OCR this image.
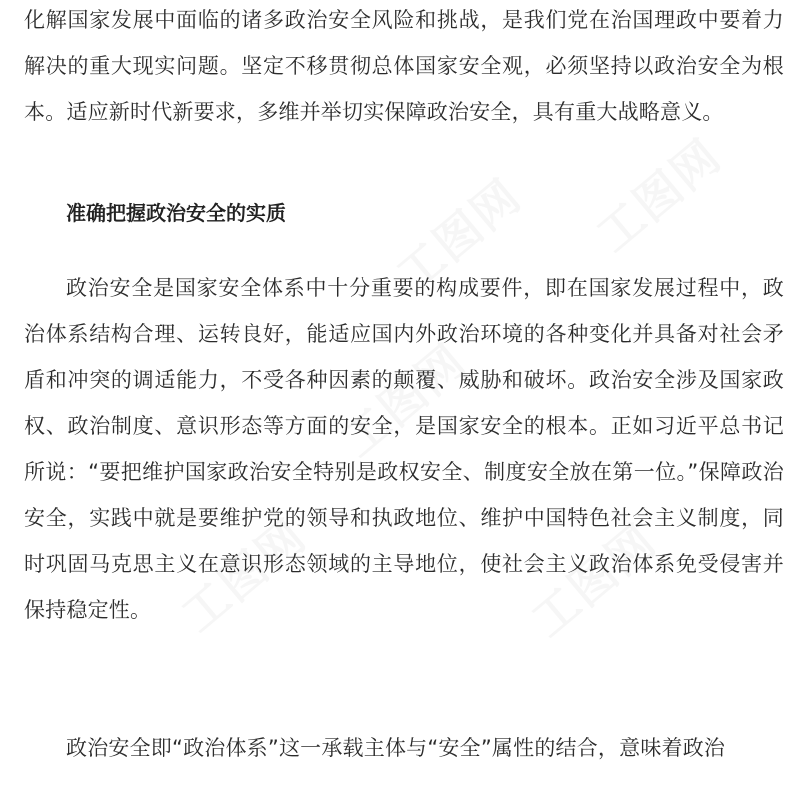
工图网 工图网
工图网
工图网	工图网

化解国家发展中面临的诸多政治安全风险和挑战，是我们党在治国理政中要着力解决的重大现实问题。坚定不移贯彻总体国家安全观，必须坚持以政治安全为根本。适应新时代新要求，多维并举切实保障政治安全，具有重大战略意义。

准确把握政治安全的实质

政治安全是国家安全体系中十分重要的构成要件，即在国家发展过程中，政治体系结构合理、运转良好，能适应国内外政治环境的各种变化并具备对社会矛盾和冲突的调适能力，不受各种因素的颠覆、威胁和破坏。政治安全涉及国家政权、政治制度、意识形态等方面的安全，是国家安全的根本。正如习近平总书记所说：“要把维护国家政治安全特别是政权安全、制度安全放在第一位。”保障政治安全，实践中就是要维护党的领导和执政地位、维护中国特色社会主义制度，同时巩固马克思主义在意识形态领域的主导地位，使社会主义政治体系免受侵害并保持稳定性。

政治安全即“政治体系”这一承载主体与“安全”属性的结合，意味着政治
